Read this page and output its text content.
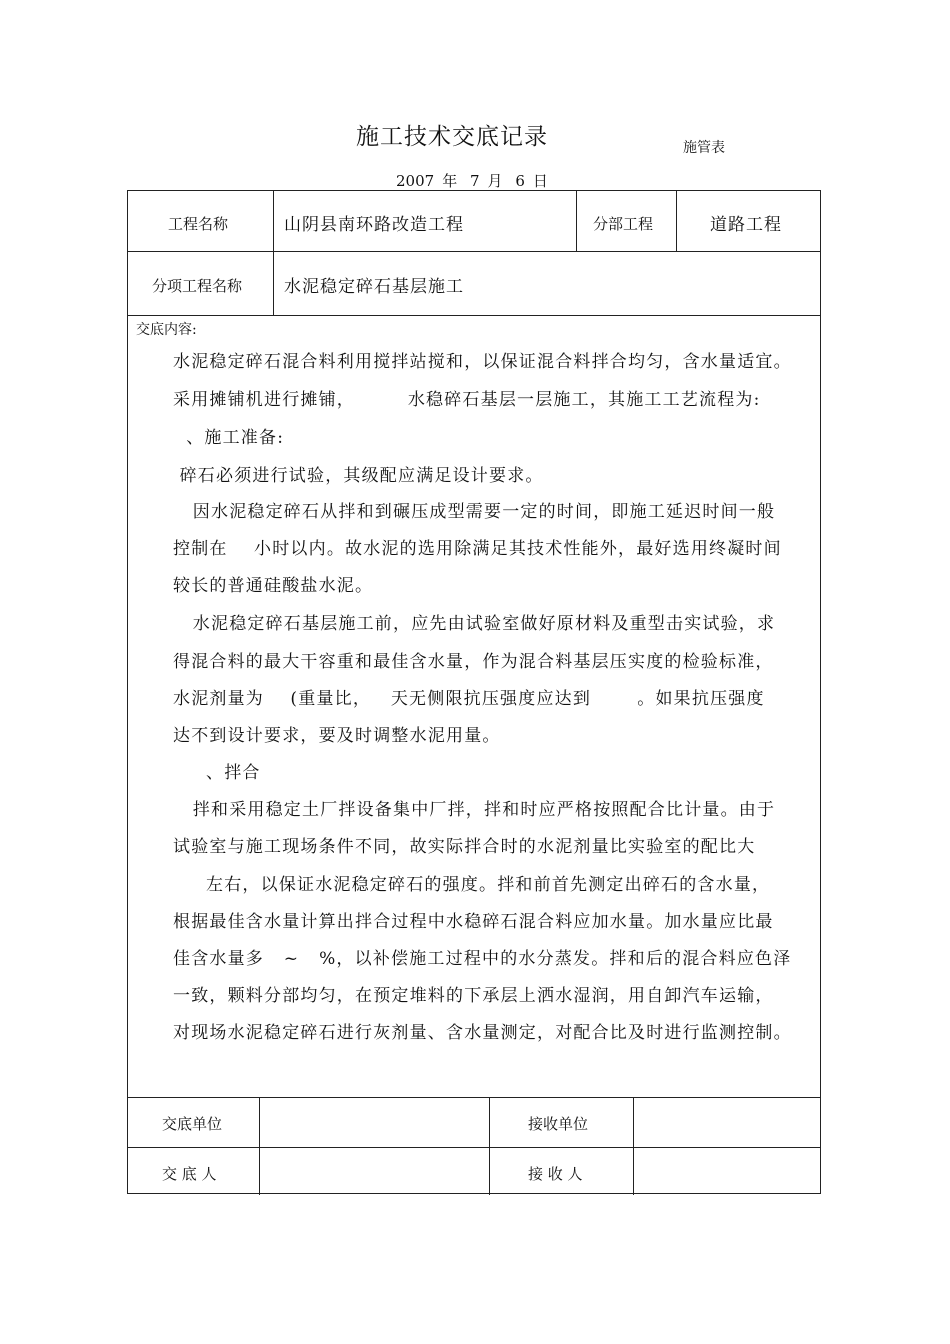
施工技术交底记录	施管表
2007 年 7 月 6 日
工程名称	山阴县南环路改造工程	分部工程	道路工程
分项工程名称 水泥稳定碎石基层施工
交底内容:
水泥稳定碎石混合料利用搅拌站搅和，以保证混合料拌合均匀，含水量适宜。
采用摊铺机进行摊铺，        水稳碎石基层一层施工，其施工工艺流程为:
、施工准备:
碎石必须进行试验，其级配应满足设计要求。
因水泥稳定碎石从拌和到碾压成型需要一定的时间，即施工延迟时间一般
控制在    小时以内。故水泥的选用除满足其技术性能外，最好选用终凝时间
较长的普通硅酸盐水泥。
水泥稳定碎石基层施工前，应先由试验室做好原材料及重型击实试验，求
得混合料的最大干容重和最佳含水量，作为混合料基层压实度的检验标准，
水泥剂量为    (重量比，   天无侧限抗压强度应达到       。如果抗压强度
达不到设计要求，要及时调整水泥用量。
、拌合
拌和采用稳定土厂拌设备集中厂拌，拌和时应严格按照配合比计量。由于
试验室与施工现场条件不同，故实际拌合时的水泥剂量比实验室的配比大
左右，以保证水泥稳定碎石的强度。拌和前首先测定出碎石的含水量，
根据最佳含水量计算出拌合过程中水稳碎石混合料应加水量。加水量应比最
佳含水量多   ~   %，以补偿施工过程中的水分蒸发。拌和后的混合料应色泽
一致，颗料分部均匀，在预定堆料的下承层上洒水湿润，用自卸汽车运输，
对现场水泥稳定碎石进行灰剂量、含水量测定，对配合比及时进行监测控制。
交底单位	接收单位
交 底 人	接 收 人
